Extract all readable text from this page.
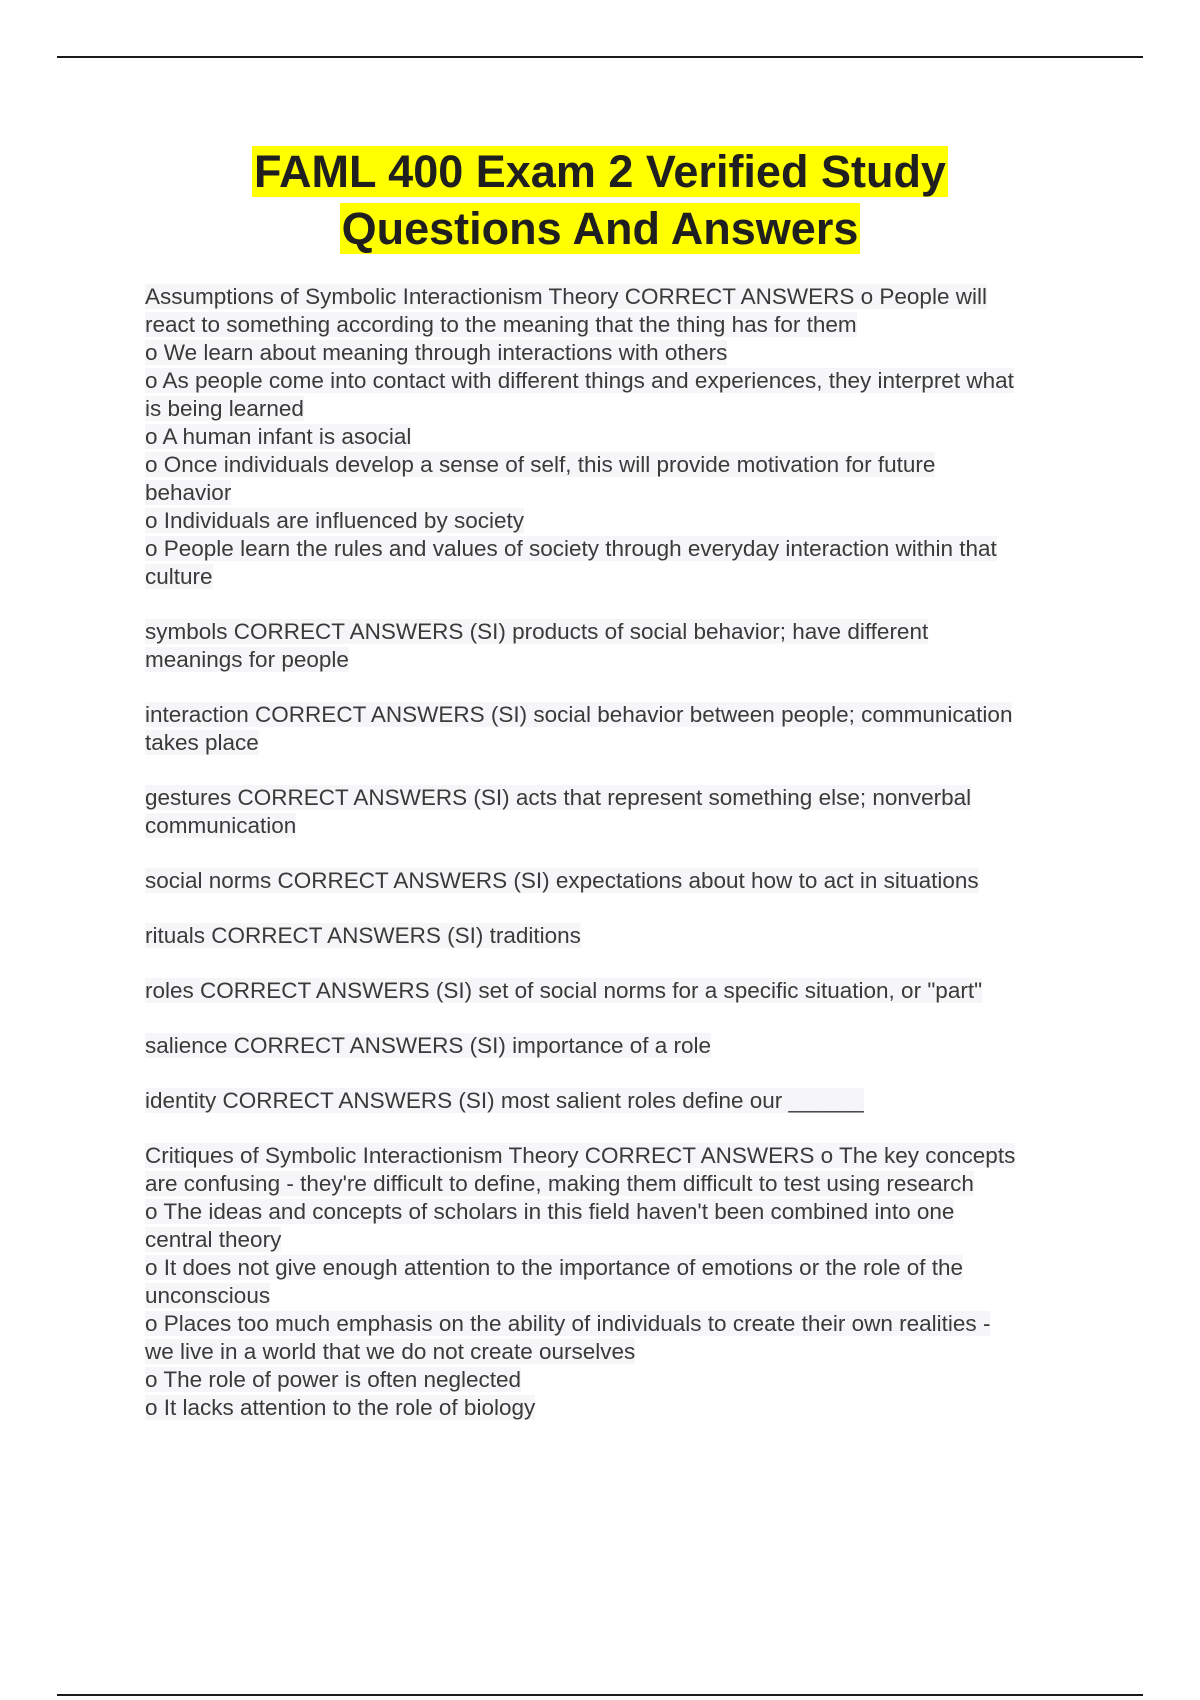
FAML 400 Exam 2 Verified Study
Questions And Answers
Assumptions of Symbolic Interactionism Theory CORRECT ANSWERS o People will
react to something according to the meaning that the thing has for them
o We learn about meaning through interactions with others
o As people come into contact with different things and experiences, they interpret what
is being learned
o A human infant is asocial
o Once individuals develop a sense of self, this will provide motivation for future
behavior
o Individuals are influenced by society
o People learn the rules and values of society through everyday interaction within that
culture
symbols CORRECT ANSWERS (SI) products of social behavior; have different
meanings for people
interaction CORRECT ANSWERS (SI) social behavior between people; communication
takes place
gestures CORRECT ANSWERS (SI) acts that represent something else; nonverbal
communication
social norms CORRECT ANSWERS (SI) expectations about how to act in situations
rituals CORRECT ANSWERS (SI) traditions
roles CORRECT ANSWERS (SI) set of social norms for a specific situation, or "part"
salience CORRECT ANSWERS (SI) importance of a role
identity CORRECT ANSWERS (SI) most salient roles define our ______
Critiques of Symbolic Interactionism Theory CORRECT ANSWERS o The key concepts
are confusing - they're difficult to define, making them difficult to test using research
o The ideas and concepts of scholars in this field haven't been combined into one
central theory
o It does not give enough attention to the importance of emotions or the role of the
unconscious
o Places too much emphasis on the ability of individuals to create their own realities -
we live in a world that we do not create ourselves
o The role of power is often neglected
o It lacks attention to the role of biology
